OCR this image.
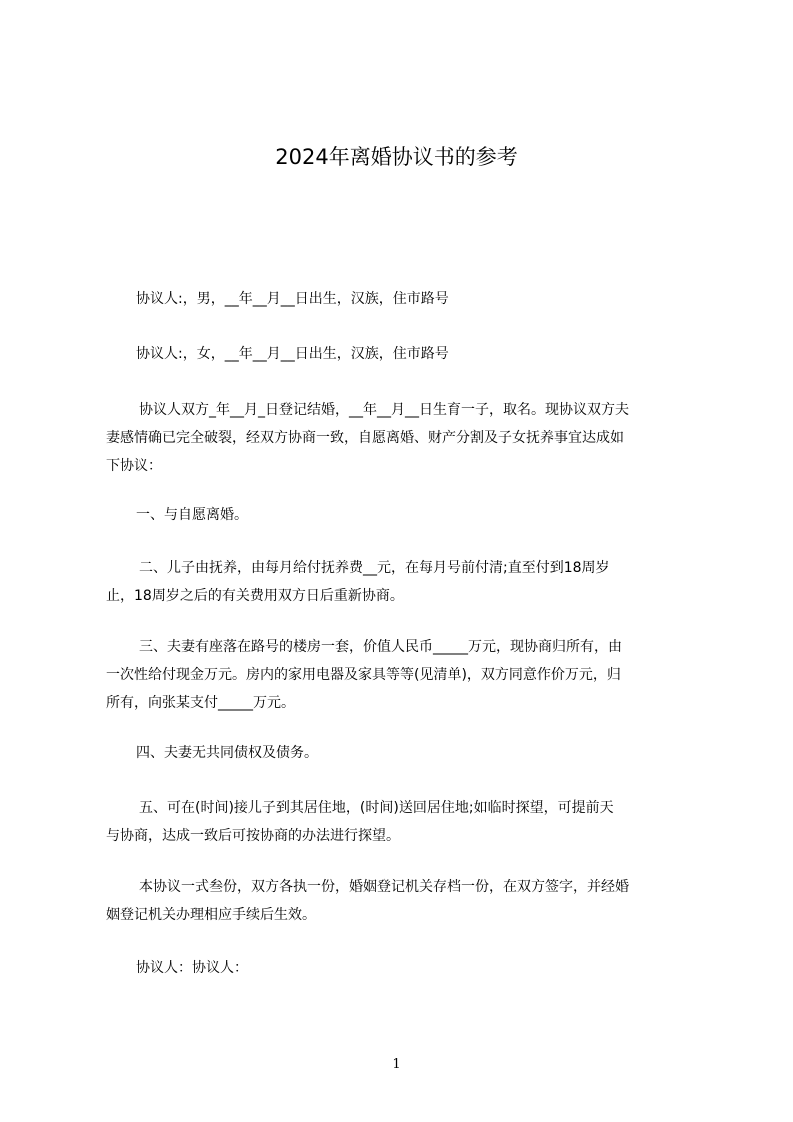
2024年离婚协议书的参考
协议人:，男，__年__月__日出生，汉族，住市路号
协议人:，女，__年__月__日出生，汉族，住市路号
协议人双方_年__月_日登记结婚，__年__月__日生育一子，取名。现协议双方夫
妻感情确已完全破裂，经双方协商一致，自愿离婚、财产分割及子女抚养事宜达成如
下协议：
一、与自愿离婚。
二、儿子由抚养，由每月给付抚养费__元，在每月号前付清;直至付到18周岁
止，18周岁之后的有关费用双方日后重新协商。
三、夫妻有座落在路号的楼房一套，价值人民币_____万元，现协商归所有，由
一次性给付现金万元。房内的家用电器及家具等等(见清单)，双方同意作价万元，归
所有，向张某支付_____万元。
四、夫妻无共同债权及债务。
五、可在(时间)接儿子到其居住地，(时间)送回居住地;如临时探望，可提前天
与协商，达成一致后可按协商的办法进行探望。
本协议一式叁份，双方各执一份，婚姻登记机关存档一份，在双方签字，并经婚
姻登记机关办理相应手续后生效。
协议人：协议人：
1
